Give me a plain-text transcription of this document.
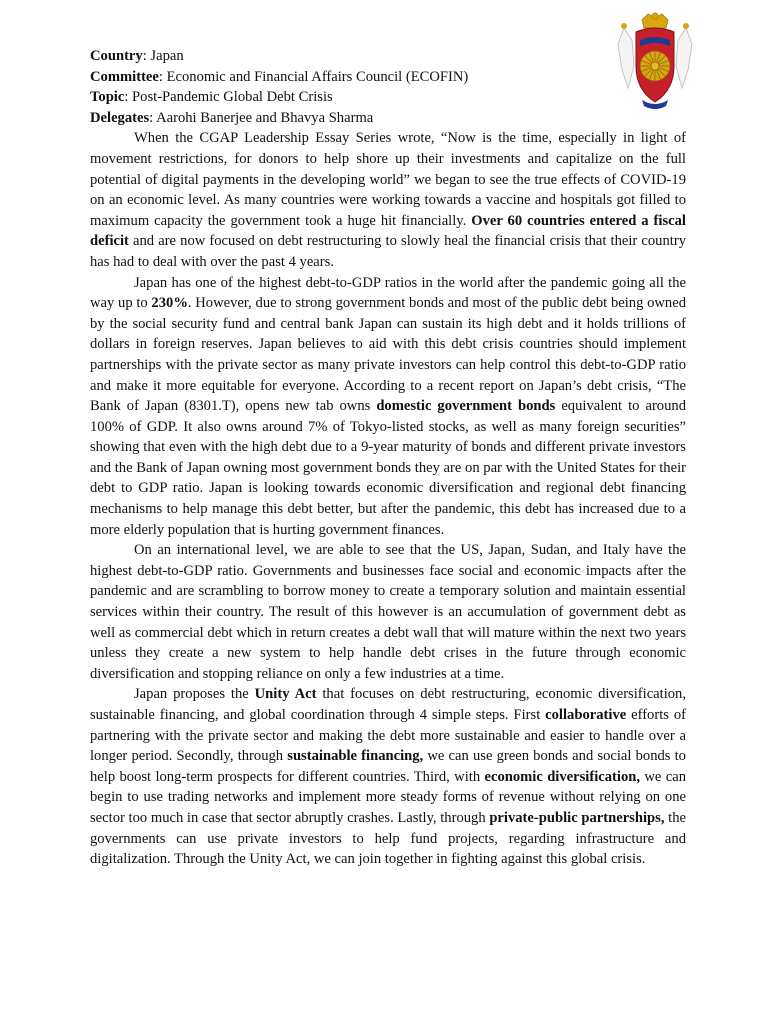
Country: Japan

Committee: Economic and Financial Affairs Council (ECOFIN)

Topic: Post-Pandemic Global Debt Crisis

Delegates: Aarohi Banerjee and Bhavya Sharma

When the CGAP Leadership Essay Series wrote, “Now is the time, especially in light of movement restrictions, for donors to help shore up their investments and capitalize on the full potential of digital payments in the developing world” we began to see the true effects of COVID-19 on an economic level. As many countries were working towards a vaccine and hospitals got filled to maximum capacity the government took a huge hit financially. Over 60 countries entered a fiscal deficit and are now focused on debt restructuring to slowly heal the financial crisis that their country has had to deal with over the past 4 years.

Japan has one of the highest debt-to-GDP ratios in the world after the pandemic going all the way up to 230%. However, due to strong government bonds and most of the public debt being owned by the social security fund and central bank Japan can sustain its high debt and it holds trillions of dollars in foreign reserves. Japan believes to aid with this debt crisis countries should implement partnerships with the private sector as many private investors can help control this debt-to-GDP ratio and make it more equitable for everyone. According to a recent report on Japan’s debt crisis, “The Bank of Japan (8301.T), opens new tab owns domestic government bonds equivalent to around 100% of GDP. It also owns around 7% of Tokyo-listed stocks, as well as many foreign securities” showing that even with the high debt due to a 9-year maturity of bonds and different private investors and the Bank of Japan owning most government bonds they are on par with the United States for their debt to GDP ratio. Japan is looking towards economic diversification and regional debt financing mechanisms to help manage this debt better, but after the pandemic, this debt has increased due to a more elderly population that is hurting government finances.

On an international level, we are able to see that the US, Japan, Sudan, and Italy have the highest debt-to-GDP ratio. Governments and businesses face social and economic impacts after the pandemic and are scrambling to borrow money to create a temporary solution and maintain essential services within their country. The result of this however is an accumulation of government debt as well as commercial debt which in return creates a debt wall that will mature within the next two years unless they create a new system to help handle debt crises in the future through economic diversification and stopping reliance on only a few industries at a time.

Japan proposes the Unity Act that focuses on debt restructuring, economic diversification, sustainable financing, and global coordination through 4 simple steps. First collaborative efforts of partnering with the private sector and making the debt more sustainable and easier to handle over a longer period. Secondly, through sustainable financing, we can use green bonds and social bonds to help boost long-term prospects for different countries. Third, with economic diversification, we can begin to use trading networks and implement more steady forms of revenue without relying on one sector too much in case that sector abruptly crashes. Lastly, through private-public partnerships, the governments can use private investors to help fund projects, regarding infrastructure and digitalization. Through the Unity Act, we can join together in fighting against this global crisis.
